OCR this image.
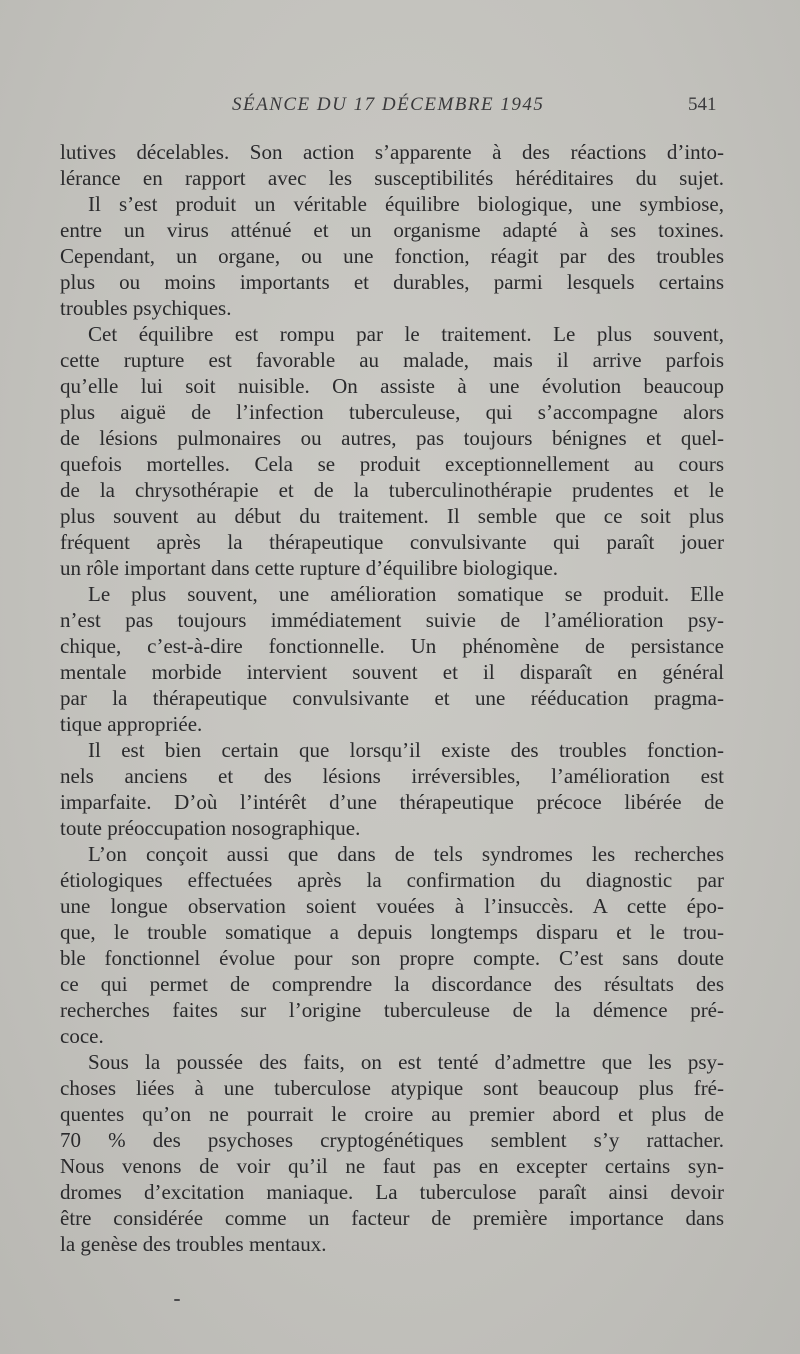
SÉANCE DU 17 DÉCEMBRE 1945	541
lutives décelables. Son action s’apparente à des réactions d’into-
lérance en rapport avec les susceptibilités héréditaires du sujet.
Il s’est produit un véritable équilibre biologique, une symbiose,
entre un virus atténué et un organisme adapté à ses toxines.
Cependant, un organe, ou une fonction, réagit par des troubles
plus ou moins importants et durables, parmi lesquels certains
troubles psychiques.
Cet équilibre est rompu par le traitement. Le plus souvent,
cette rupture est favorable au malade, mais il arrive parfois
qu’elle lui soit nuisible. On assiste à une évolution beaucoup
plus aiguë de l’infection tuberculeuse, qui s’accompagne alors
de lésions pulmonaires ou autres, pas toujours bénignes et quel-
quefois mortelles. Cela se produit exceptionnellement au cours
de la chrysothérapie et de la tuberculinothérapie prudentes et le
plus souvent au début du traitement. Il semble que ce soit plus
fréquent après la thérapeutique convulsivante qui paraît jouer
un rôle important dans cette rupture d’équilibre biologique.
Le plus souvent, une amélioration somatique se produit. Elle
n’est pas toujours immédiatement suivie de l’amélioration psy-
chique, c’est-à-dire fonctionnelle. Un phénomène de persistance
mentale morbide intervient souvent et il disparaît en général
par la thérapeutique convulsivante et une rééducation pragma-
tique appropriée.
Il est bien certain que lorsqu’il existe des troubles fonction-
nels anciens et des lésions irréversibles, l’amélioration est
imparfaite. D’où l’intérêt d’une thérapeutique précoce libérée de
toute préoccupation nosographique.
L’on conçoit aussi que dans de tels syndromes les recherches
étiologiques effectuées après la confirmation du diagnostic par
une longue observation soient vouées à l’insuccès. A cette épo-
que, le trouble somatique a depuis longtemps disparu et le trou-
ble fonctionnel évolue pour son propre compte. C’est sans doute
ce qui permet de comprendre la discordance des résultats des
recherches faites sur l’origine tuberculeuse de la démence pré-
coce.
Sous la poussée des faits, on est tenté d’admettre que les psy-
choses liées à une tuberculose atypique sont beaucoup plus fré-
quentes qu’on ne pourrait le croire au premier abord et plus de
70 % des psychoses cryptogénétiques semblent s’y rattacher.
Nous venons de voir qu’il ne faut pas en excepter certains syn-
dromes d’excitation maniaque. La tuberculose paraît ainsi devoir
être considérée comme un facteur de première importance dans
la genèse des troubles mentaux.
